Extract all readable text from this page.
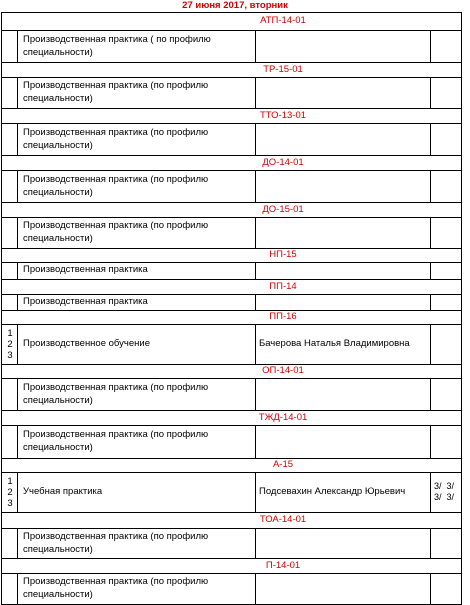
27 июня 2017, вторник
АТП-14-01
Производственная практика ( по профилю
специальности)
ТР-15-01
Производственная практика (по профилю
специальности)
ТТО-13-01
Производственная практика (по профилю
специальности)
ДО-14-01
Производственная практика (по профилю
специальности)
ДО-15-01
Производственная практика (по профилю
специальности)
НП-15
Производственная практика
ПП-14
Производственная практика
ПП-16
Производственное обучение
1
2
3
Бачерова Наталья Владимировна
ОП-14-01
Производственная практика (по профилю
специальности)
ТЖД-14-01
Производственная практика (по профилю
специальности)
А-15
Учебная практика
1
2
3
Подсевахин Александр Юрьевич	3/  3/
3/  3/
ТОА-14-01
Производственная практика (по профилю
специальности)
П-14-01
Производственная практика (по профилю
специальности)
